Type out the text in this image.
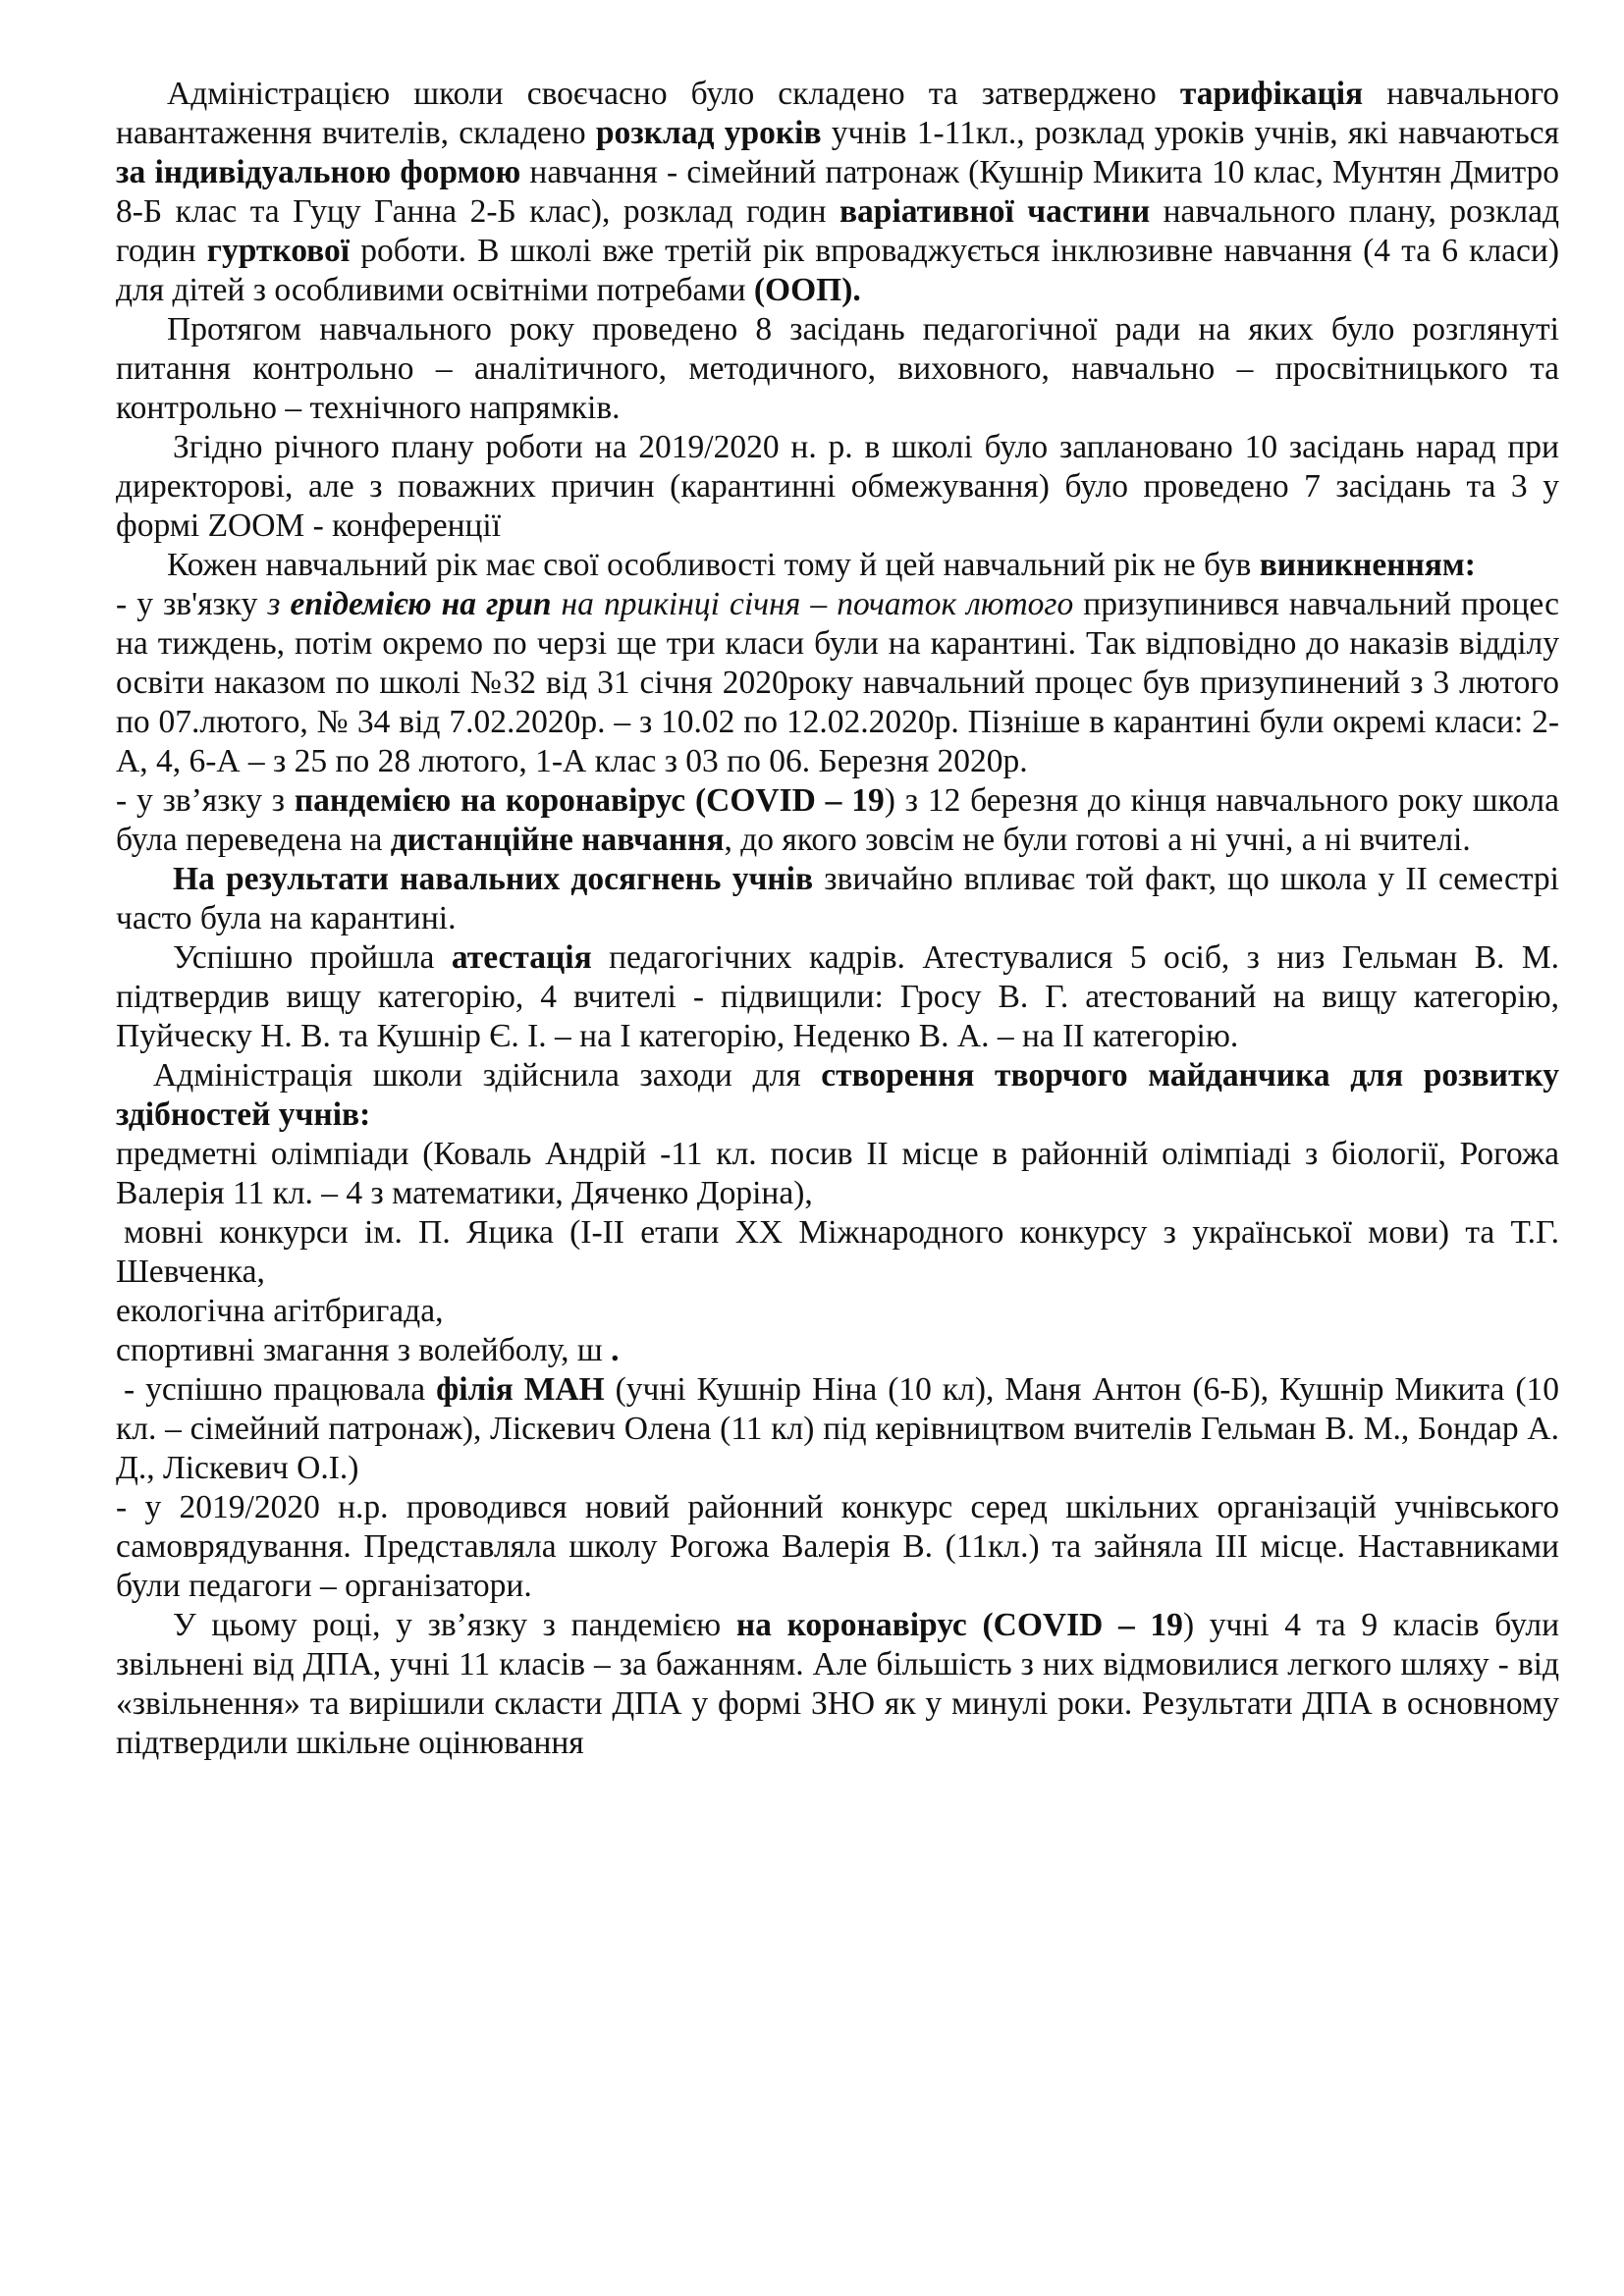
Адміністрацією школи своєчасно було складено та затверджено тарифікація навчального навантаження вчителів, складено розклад уроків учнів 1-11кл., розклад уроків учнів, які навчаються за індивідуальною формою навчання - сімейний патронаж (Кушнір Микита 10 клас, Мунтян Дмитро 8-Б клас та Гуцу Ганна 2-Б клас), розклад годин варіативної частини навчального плану, розклад годин гурткової роботи. В школі вже третій рік впроваджується інклюзивне навчання (4 та 6 класи) для дітей з особливими освітніми потребами (ООП).

Протягом навчального року проведено 8 засідань педагогічної ради на яких було розглянуті питання контрольно – аналітичного, методичного, виховного, навчально – просвітницького та контрольно – технічного напрямків.

Згідно річного плану роботи на 2019/2020 н. р. в школі було заплановано 10 засідань нарад при директорові, але з поважних причин (карантинні обмежування) було проведено 7 засідань та 3 у формі ZOOM - конференції

Кожен навчальний рік має свої особливості тому й цей навчальний рік не був виникненням:

- у зв'язку з епідемією на грип на прикінці січня – початок лютого призупинився навчальний процес на тиждень, потім окремо по черзі ще три класи були на карантині. Так відповідно до наказів відділу освіти наказом по школі №32 від 31 січня 2020року навчальний процес був призупинений з 3 лютого по 07.лютого, № 34 від 7.02.2020р. – з 10.02 по 12.02.2020р. Пізніше в карантині були окремі класи: 2-А, 4, 6-А – з 25 по 28 лютого, 1-А клас з 03 по 06. Березня 2020р.

- у зв’язку з пандемією на коронавірус (COVID – 19) з 12 березня до кінця навчального року школа була переведена на дистанційне навчання, до якого зовсім не були готові а ні учні, а ні вчителі.

На результати навальних досягнень учнів звичайно впливає той факт, що школа у ІІ семестрі часто була на карантині.

Успішно пройшла атестація педагогічних кадрів. Атестувалися 5 осіб, з низ Гельман В. М. підтвердив вищу категорію, 4 вчителі - підвищили: Гросу В. Г. атестований на вищу категорію, Пуйческу Н. В. та Кушнір Є. І. – на І категорію, Неденко В. А. – на ІІ категорію.

Адміністрація школи здійснила заходи для створення творчого майданчика для розвитку здібностей учнів:

предметні олімпіади (Коваль Андрій -11 кл. посив ІІ місце в районній олімпіаді з біології, Рогожа Валерія 11 кл. – 4 з математики, Дяченко Доріна),

мовні конкурси ім. П. Яцика (І-ІІ етапи ХХ Міжнародного конкурсу з української мови) та Т.Г. Шевченка,

екологічна агітбригада,

спортивні змагання з волейболу, ш .

- успішно працювала філія МАН (учні Кушнір Ніна (10 кл), Маня Антон (6-Б), Кушнір Микита (10 кл. – сімейний патронаж), Ліскевич Олена (11 кл) під керівництвом вчителів Гельман В. М., Бондар А. Д., Ліскевич О.І.)

- у 2019/2020 н.р. проводився новий районний конкурс серед шкільних організацій учнівського самоврядування. Представляла школу Рогожа Валерія В. (11кл.) та зайняла ІІІ місце. Наставниками були педагоги – організатори.

У цьому році, у зв’язку з пандемією на коронавірус (COVID – 19) учні 4 та 9 класів були звільнені від ДПА, учні 11 класів – за бажанням. Але більшість з них відмовилися легкого шляху - від «звільнення» та вирішили скласти ДПА у формі ЗНО як у минулі роки. Результати ДПА в основному підтвердили шкільне оцінювання
